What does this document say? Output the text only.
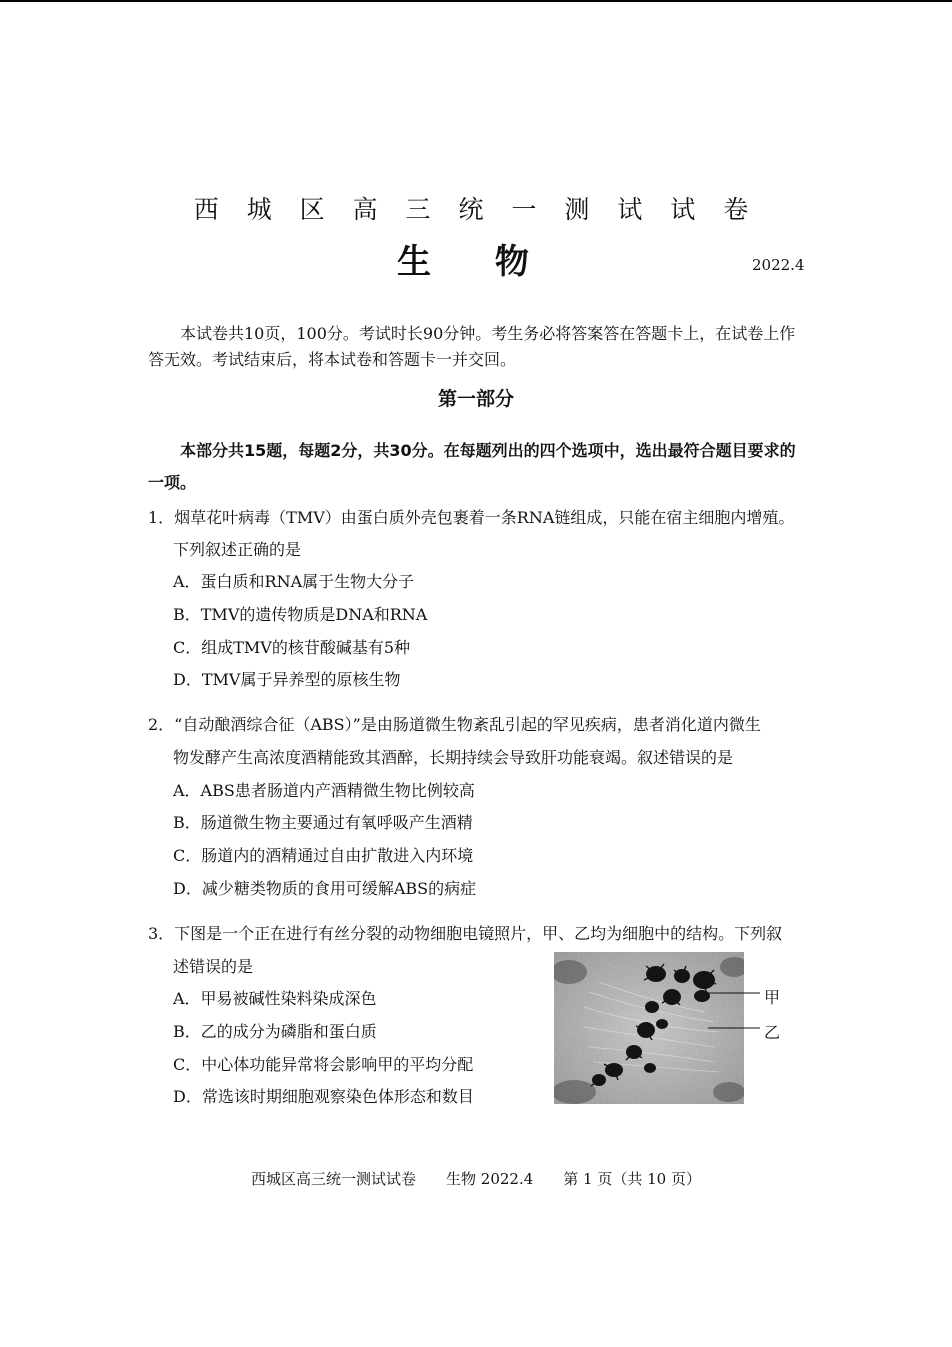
西 城 区 高 三 统 一 测 试 试 卷
生 物	2022.4
本试卷共10页，100分。考试时长90分钟。考生务必将答案答在答题卡上，在试卷上作
答无效。考试结束后，将本试卷和答题卡一并交回。
第一部分
本部分共15题，每题2分，共30分。在每题列出的四个选项中，选出最符合题目要求的
一项。
1．烟草花叶病毒（TMV）由蛋白质外壳包裹着一条RNA链组成，只能在宿主细胞内增殖。
下列叙述正确的是
A．蛋白质和RNA属于生物大分子
B．TMV的遗传物质是DNA和RNA
C．组成TMV的核苷酸碱基有5种
D．TMV属于异养型的原核生物
2．“自动酿酒综合征（ABS）”是由肠道微生物紊乱引起的罕见疾病，患者消化道内微生
物发酵产生高浓度酒精能致其酒醉，长期持续会导致肝功能衰竭。叙述错误的是
A．ABS患者肠道内产酒精微生物比例较高
B．肠道微生物主要通过有氧呼吸产生酒精
C．肠道内的酒精通过自由扩散进入内环境
D．减少糖类物质的食用可缓解ABS的病症
3．下图是一个正在进行有丝分裂的动物细胞电镜照片，甲、乙均为细胞中的结构。下列叙
述错误的是
A．甲易被碱性染料染成深色
B．乙的成分为磷脂和蛋白质
C．中心体功能异常将会影响甲的平均分配
D．常选该时期细胞观察染色体形态和数目
甲
乙
西城区高三统一测试试卷　　生物 2022.4　　第 1 页（共 10 页）
